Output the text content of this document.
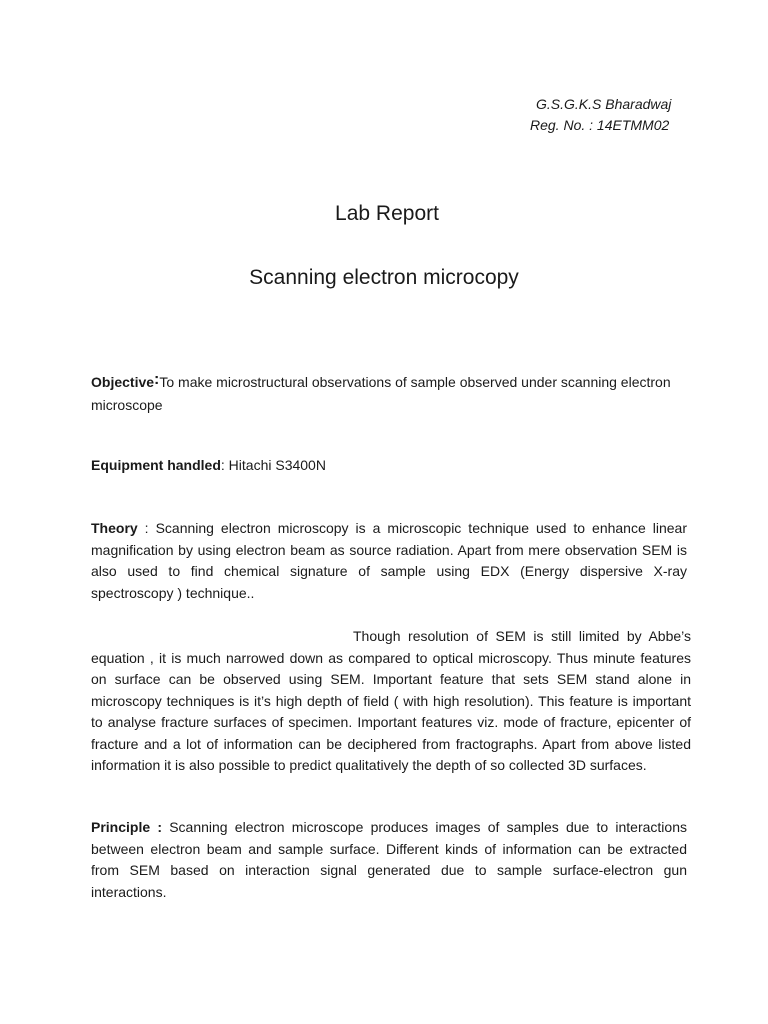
G.S.G.K.S Bharadwaj
Reg. No. : 14ETMM02
Lab Report
Scanning electron microcopy
Objective:To make microstructural observations of sample observed under scanning electron microscope
Equipment handled: Hitachi S3400N
Theory : Scanning electron microscopy is a microscopic technique used to enhance linear magnification by using electron beam as source radiation. Apart from mere observation SEM is also used to find chemical signature of sample using EDX (Energy dispersive X-ray spectroscopy ) technique..
Though resolution of SEM is still limited by Abbe’s equation , it is much narrowed down as compared to optical microscopy. Thus minute features on surface can be observed using SEM. Important feature that sets SEM stand alone in microscopy techniques is it’s high depth of field ( with high resolution). This feature is important to analyse fracture surfaces of specimen. Important features viz. mode of fracture, epicenter of fracture and a lot of information can be deciphered from fractographs. Apart from above listed information it is also possible to predict qualitatively the depth of so collected 3D surfaces.
Principle : Scanning electron microscope produces images of samples due to interactions between electron beam and sample surface. Different kinds of information can be extracted from SEM based on interaction signal generated due to sample surface-electron gun interactions.
